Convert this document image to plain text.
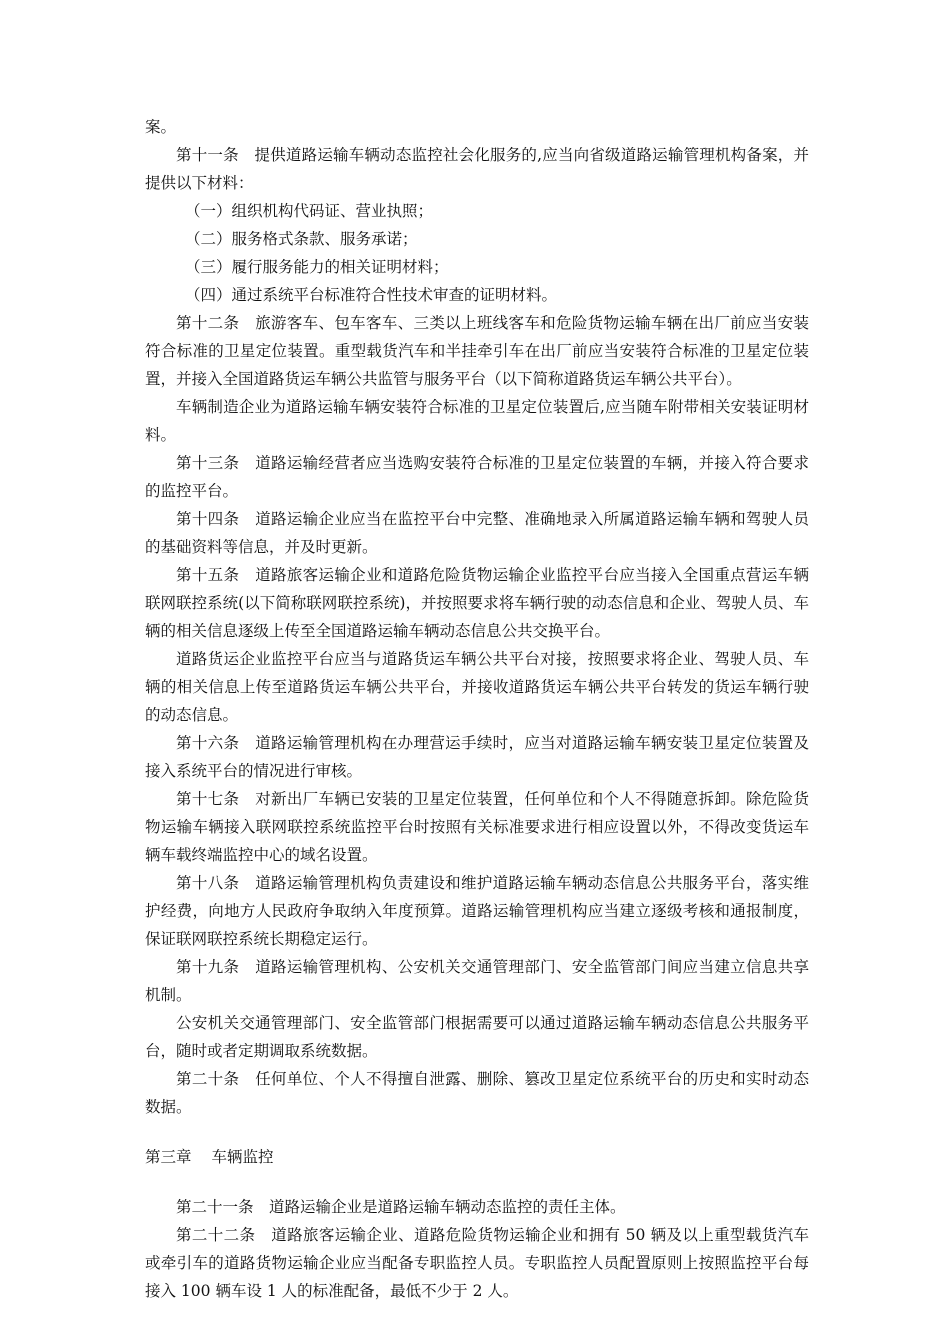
案。
第十一条　 提供道路运输车辆动态监控社会化服务的,应当向省级道路运输管理机构备案，并提供以下材料：
（一）组织机构代码证、营业执照；
（二）服务格式条款、服务承诺；
（三）履行服务能力的相关证明材料；
（四）通过系统平台标准符合性技术审查的证明材料。
第十二条　 旅游客车、包车客车、三类以上班线客车和危险货物运输车辆在出厂前应当安装符合标准的卫星定位装置。重型载货汽车和半挂牵引车在出厂前应当安装符合标准的卫星定位装置，并接入全国道路货运车辆公共监管与服务平台（以下简称道路货运车辆公共平台）。
车辆制造企业为道路运输车辆安装符合标准的卫星定位装置后,应当随车附带相关安装证明材料。
第十三条　 道路运输经营者应当选购安装符合标准的卫星定位装置的车辆，并接入符合要求的监控平台。
第十四条　 道路运输企业应当在监控平台中完整、准确地录入所属道路运输车辆和驾驶人员的基础资料等信息，并及时更新。
第十五条　 道路旅客运输企业和道路危险货物运输企业监控平台应当接入全国重点营运车辆联网联控系统(以下简称联网联控系统)，并按照要求将车辆行驶的动态信息和企业、驾驶人员、车辆的相关信息逐级上传至全国道路运输车辆动态信息公共交换平台。
道路货运企业监控平台应当与道路货运车辆公共平台对接，按照要求将企业、驾驶人员、车辆的相关信息上传至道路货运车辆公共平台，并接收道路货运车辆公共平台转发的货运车辆行驶的动态信息。
第十六条　 道路运输管理机构在办理营运手续时，应当对道路运输车辆安装卫星定位装置及接入系统平台的情况进行审核。
第十七条　 对新出厂车辆已安装的卫星定位装置，任何单位和个人不得随意拆卸。除危险货物运输车辆接入联网联控系统监控平台时按照有关标准要求进行相应设置以外，不得改变货运车辆车载终端监控中心的域名设置。
第十八条　 道路运输管理机构负责建设和维护道路运输车辆动态信息公共服务平台，落实维护经费，向地方人民政府争取纳入年度预算。道路运输管理机构应当建立逐级考核和通报制度，保证联网联控系统长期稳定运行。
第十九条　 道路运输管理机构、公安机关交通管理部门、安全监管部门间应当建立信息共享机制。
公安机关交通管理部门、安全监管部门根据需要可以通过道路运输车辆动态信息公共服务平台，随时或者定期调取系统数据。
第二十条　 任何单位、个人不得擅自泄露、删除、篡改卫星定位系统平台的历史和实时动态数据。
第三章 车辆监控
第二十一条　 道路运输企业是道路运输车辆动态监控的责任主体。
第二十二条　 道路旅客运输企业、道路危险货物运输企业和拥有 50 辆及以上重型载货汽车或牵引车的道路货物运输企业应当配备专职监控人员。专职监控人员配置原则上按照监控平台每接入 100 辆车设 1 人的标准配备，最低不少于 2 人。
